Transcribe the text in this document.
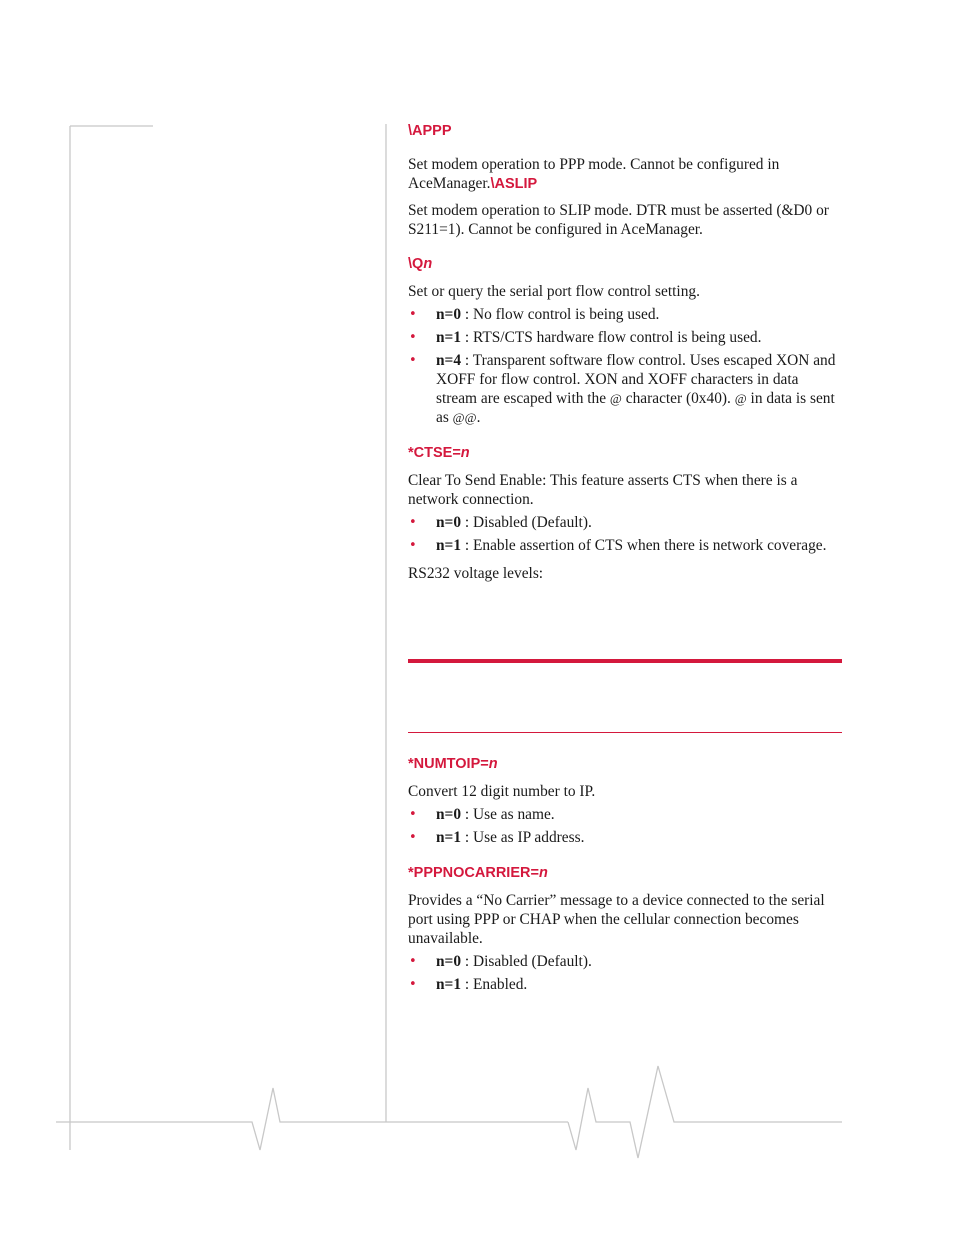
\APPP

Set modem operation to PPP mode. Cannot be configured in AceManager.\ASLIP

Set modem operation to SLIP mode. DTR must be asserted (&D0 or S211=1). Cannot be configured in AceManager.

\Qn

Set or query the serial port flow control setting.

• n=0 : No flow control is being used.
• n=1 : RTS/CTS hardware flow control is being used.
• n=4 : Transparent software flow control. Uses escaped XON and XOFF for flow control. XON and XOFF characters in data stream are escaped with the @ character (0x40). @ in data is sent as @@.
*CTSE=n

Clear To Send Enable: This feature asserts CTS when there is a network connection.

• n=0 : Disabled (Default).
• n=1 : Enable assertion of CTS when there is network coverage.

RS232 voltage levels:

*NUMTOIP=n

Convert 12 digit number to IP.

• n=0 : Use as name.
• n=1 : Use as IP address.
*PPPNOCARRIER=n

Provides a “No Carrier” message to a device connected to the serial port using PPP or CHAP when the cellular connection becomes unavailable.

• n=0 : Disabled (Default).
• n=1 : Enabled.
